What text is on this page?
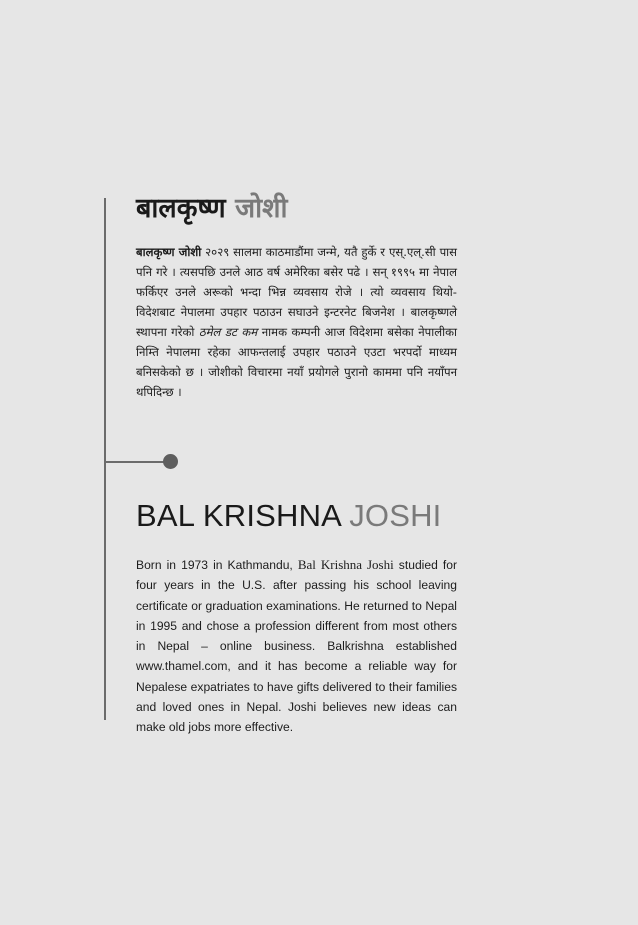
बालकृष्ण जोशी

बालकृष्ण जोशी २०२९ सालमा काठमाडौंमा जन्मे, यतै हुर्के र एस्.एल्.सी पास पनि गरे । त्यसपछि उनले आठ वर्ष अमेरिका बसेर पढे । सन् १९९५ मा नेपाल फर्किएर उनले अरूको भन्दा भिन्न व्यवसाय रोजे । त्यो व्यवसाय थियो- विदेशबाट नेपालमा उपहार पठाउन सघाउने इन्टरनेट बिजनेश । बालकृष्णले स्थापना गरेको ठमेल डट कम नामक कम्पनी आज विदेशमा बसेका नेपालीका निम्ति नेपालमा रहेका आफन्तलाई उपहार पठाउने एउटा भरपर्दो माध्यम बनिसकेको छ । जोशीको विचारमा नयाँ प्रयोगले पुरानो काममा पनि नयाँपन थपिदिन्छ ।

BAL KRISHNA JOSHI

Born in 1973 in Kathmandu, Bal Krishna Joshi studied for four years in the U.S. after passing his school leaving certificate or graduation examinations. He returned to Nepal in 1995 and chose a profession different from most others in Nepal – online business. Balkrishna established www.thamel.com, and it has become a reliable way for Nepalese expatriates to have gifts delivered to their families and loved ones in Nepal. Joshi believes new ideas can make old jobs more effective.
